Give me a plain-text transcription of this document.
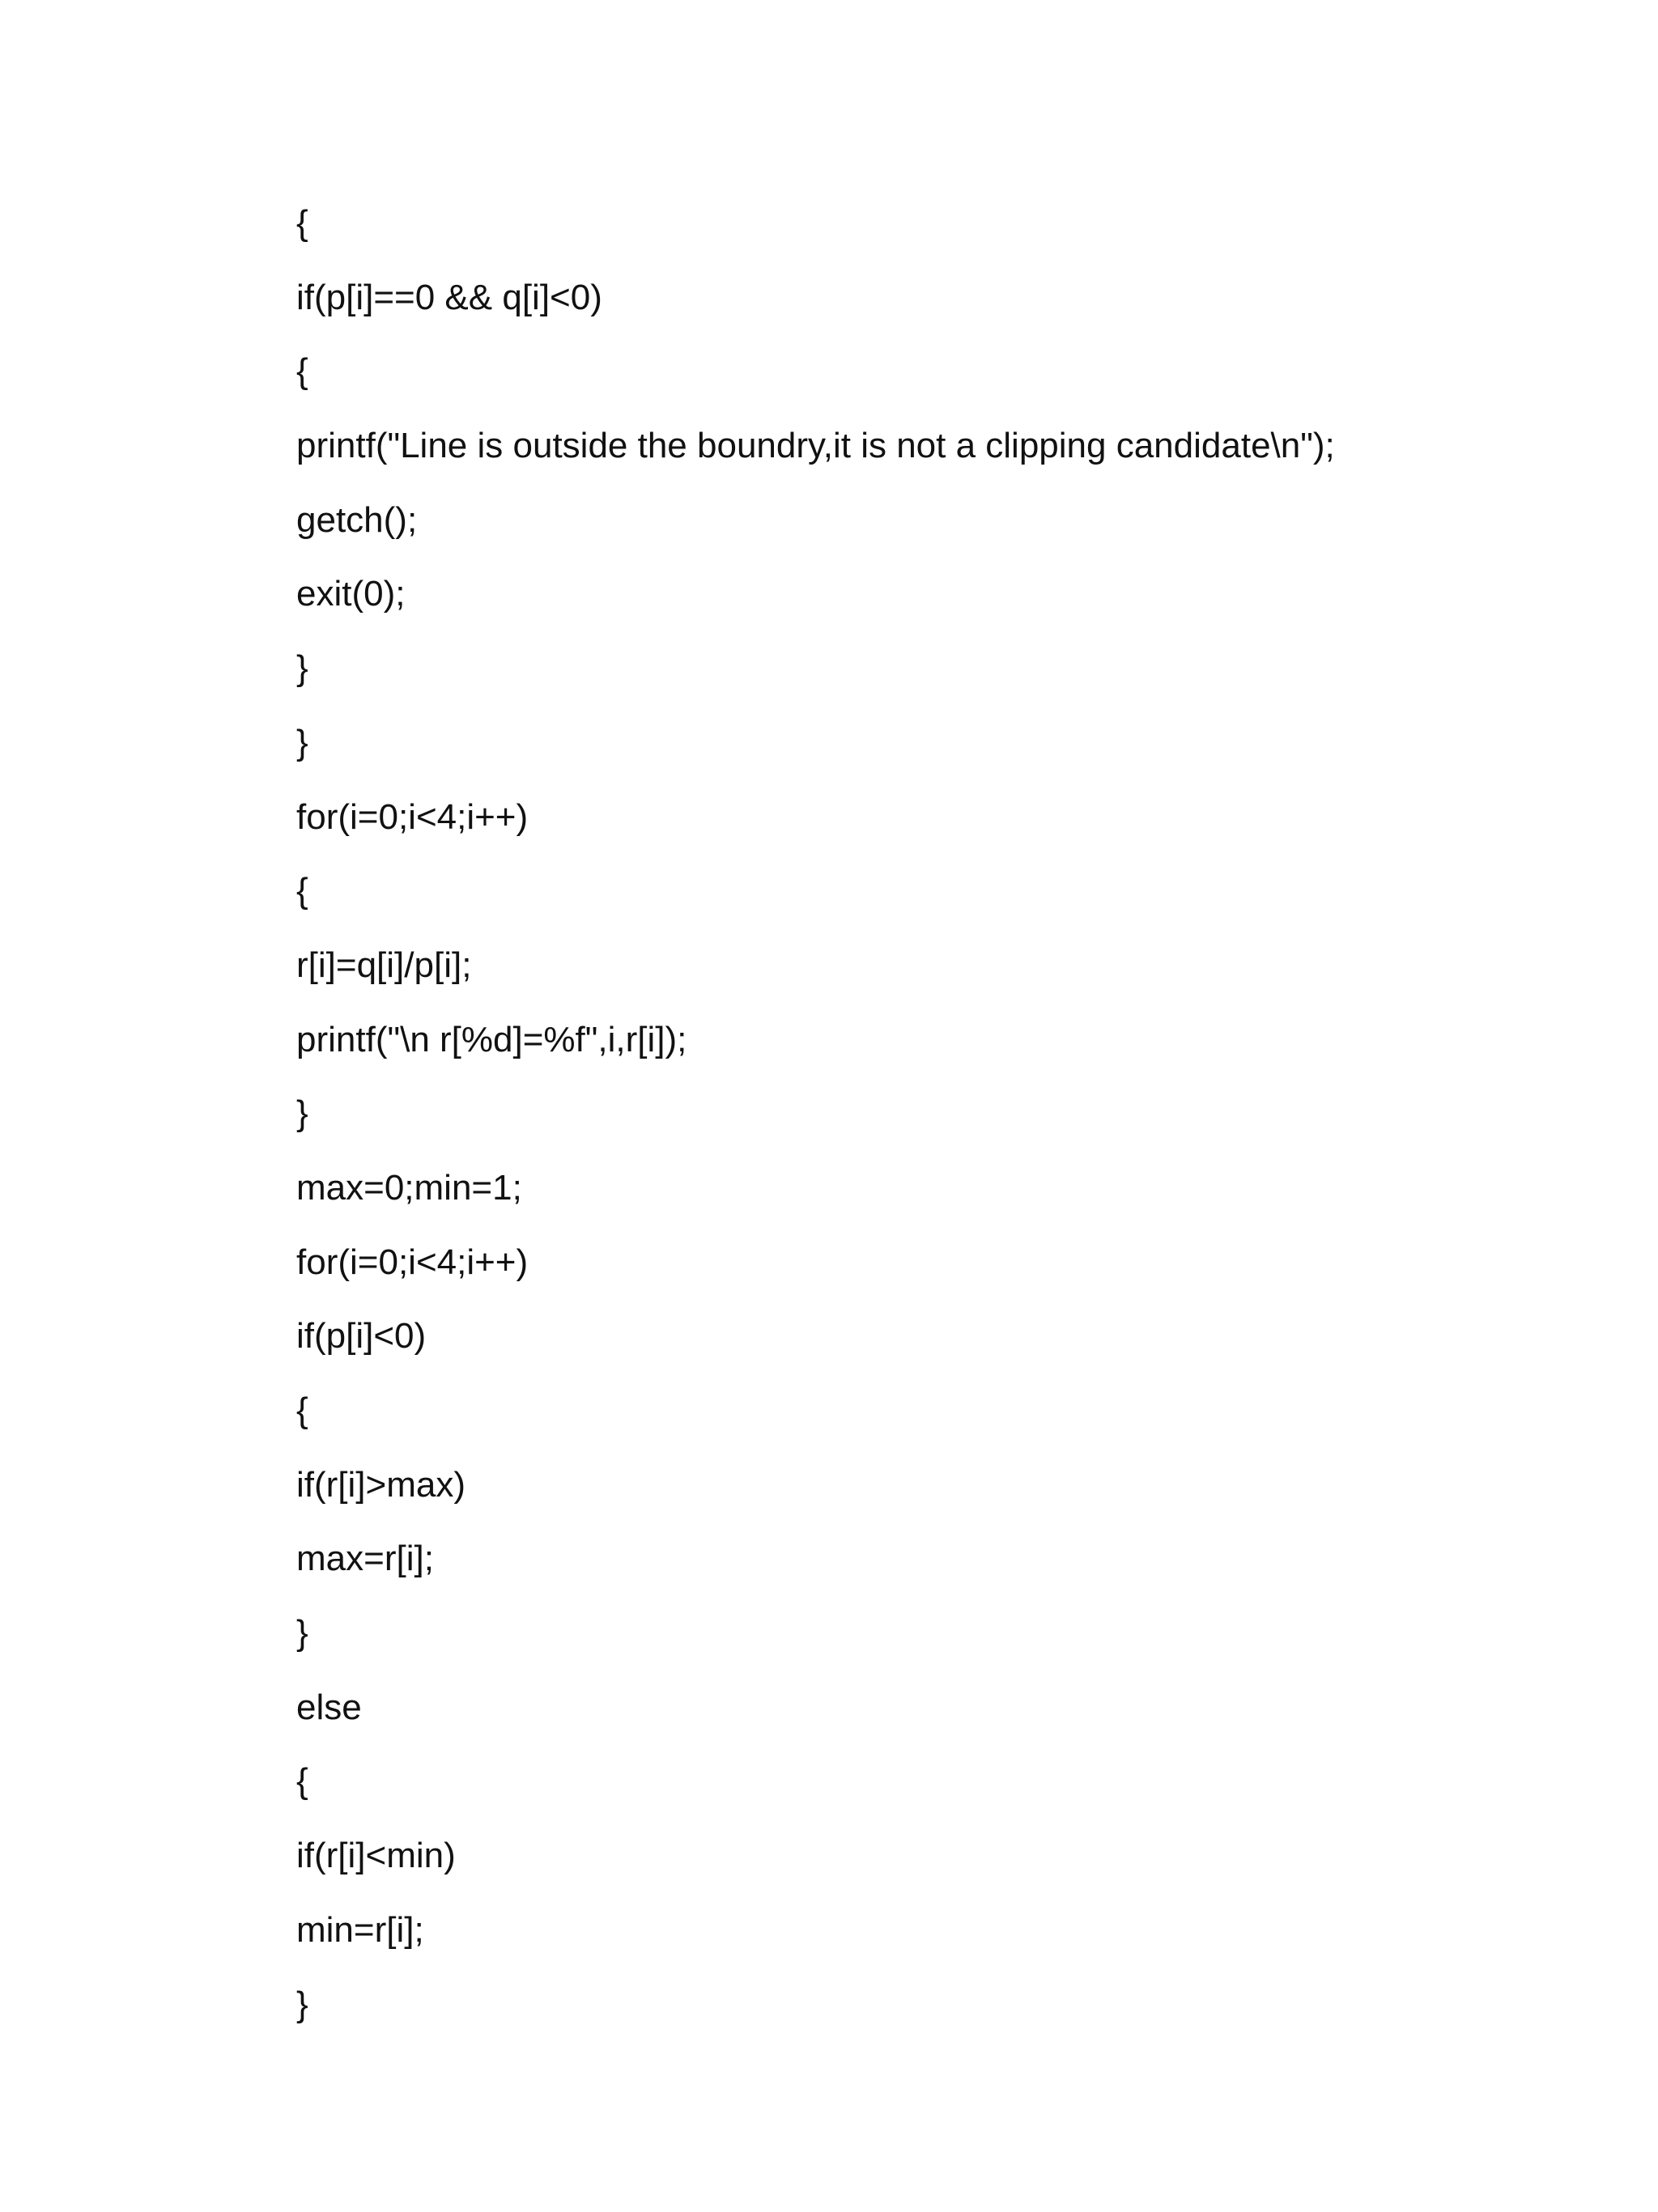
{
if(p[i]==0 && q[i]<0)
{
printf("Line is outside the boundry,it is not a clipping candidate\n");
getch();
exit(0);
}
}
for(i=0;i<4;i++)
{
r[i]=q[i]/p[i];
printf("\n r[%d]=%f",i,r[i]);
}
max=0;min=1;
for(i=0;i<4;i++)
if(p[i]<0)
{
if(r[i]>max)
max=r[i];
}
else
{
if(r[i]<min)
min=r[i];
}
